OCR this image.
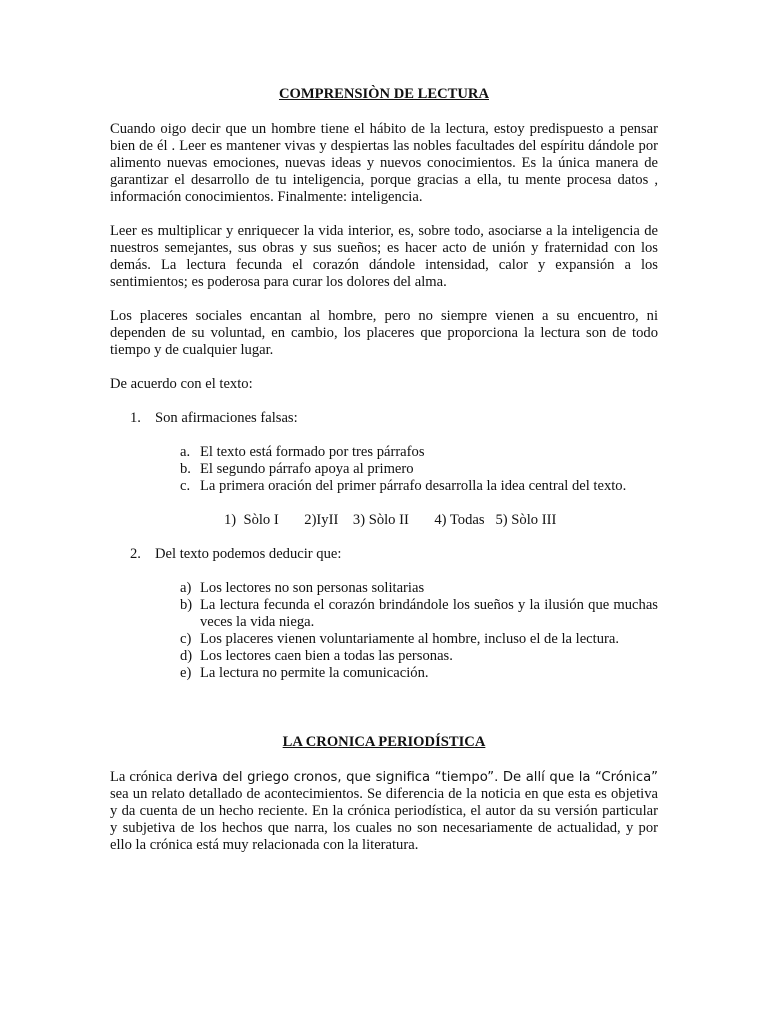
COMPRENSIÒN DE LECTURA

Cuando oigo decir que un hombre tiene el hábito de la lectura, estoy predispuesto a pensar bien de él . Leer es mantener vivas y despiertas las nobles facultades del espíritu dándole por alimento nuevas emociones, nuevas ideas y nuevos conocimientos. Es la única manera de garantizar el desarrollo de tu inteligencia, porque gracias a ella, tu mente procesa datos , información conocimientos. Finalmente: inteligencia.

Leer es multiplicar y enriquecer la vida interior, es, sobre todo, asociarse a la inteligencia de nuestros semejantes, sus obras y sus sueños; es hacer acto de unión y fraternidad con los demás. La lectura fecunda el corazón dándole intensidad, calor y expansión a los sentimientos; es poderosa para curar los dolores del alma.

Los placeres sociales encantan al hombre, pero no siempre vienen a su encuentro, ni dependen de su voluntad, en cambio, los placeres que proporciona la lectura son de todo tiempo y de cualquier lugar.

De acuerdo con el texto:

1. Son afirmaciones falsas:
a. El texto está formado por tres párrafos
b. El segundo párrafo apoya al primero
c. La primera oración del primer párrafo desarrolla la idea central del texto.

1)  Sòlo I       2)IyII    3) Sòlo II       4) Todas   5) Sòlo III

2. Del texto podemos deducir que:
a) Los lectores no son personas solitarias
b) La lectura fecunda el corazón brindándole los sueños y la ilusión que muchas veces la vida niega.
c) Los placeres vienen voluntariamente al hombre, incluso el de la lectura.
d) Los lectores caen bien a todas las personas.
e) La lectura no permite la comunicación.
LA CRONICA PERIODÍSTICA

La crónica deriva del griego cronos, que significa “tiempo”. De allí que la “Crónica” sea un relato detallado de acontecimientos. Se diferencia de la noticia en que esta es objetiva y da cuenta de un hecho reciente. En la crónica periodística, el autor da su versión particular y subjetiva de los hechos que narra, los cuales no son necesariamente de actualidad, y por ello la crónica está muy relacionada con la literatura.
